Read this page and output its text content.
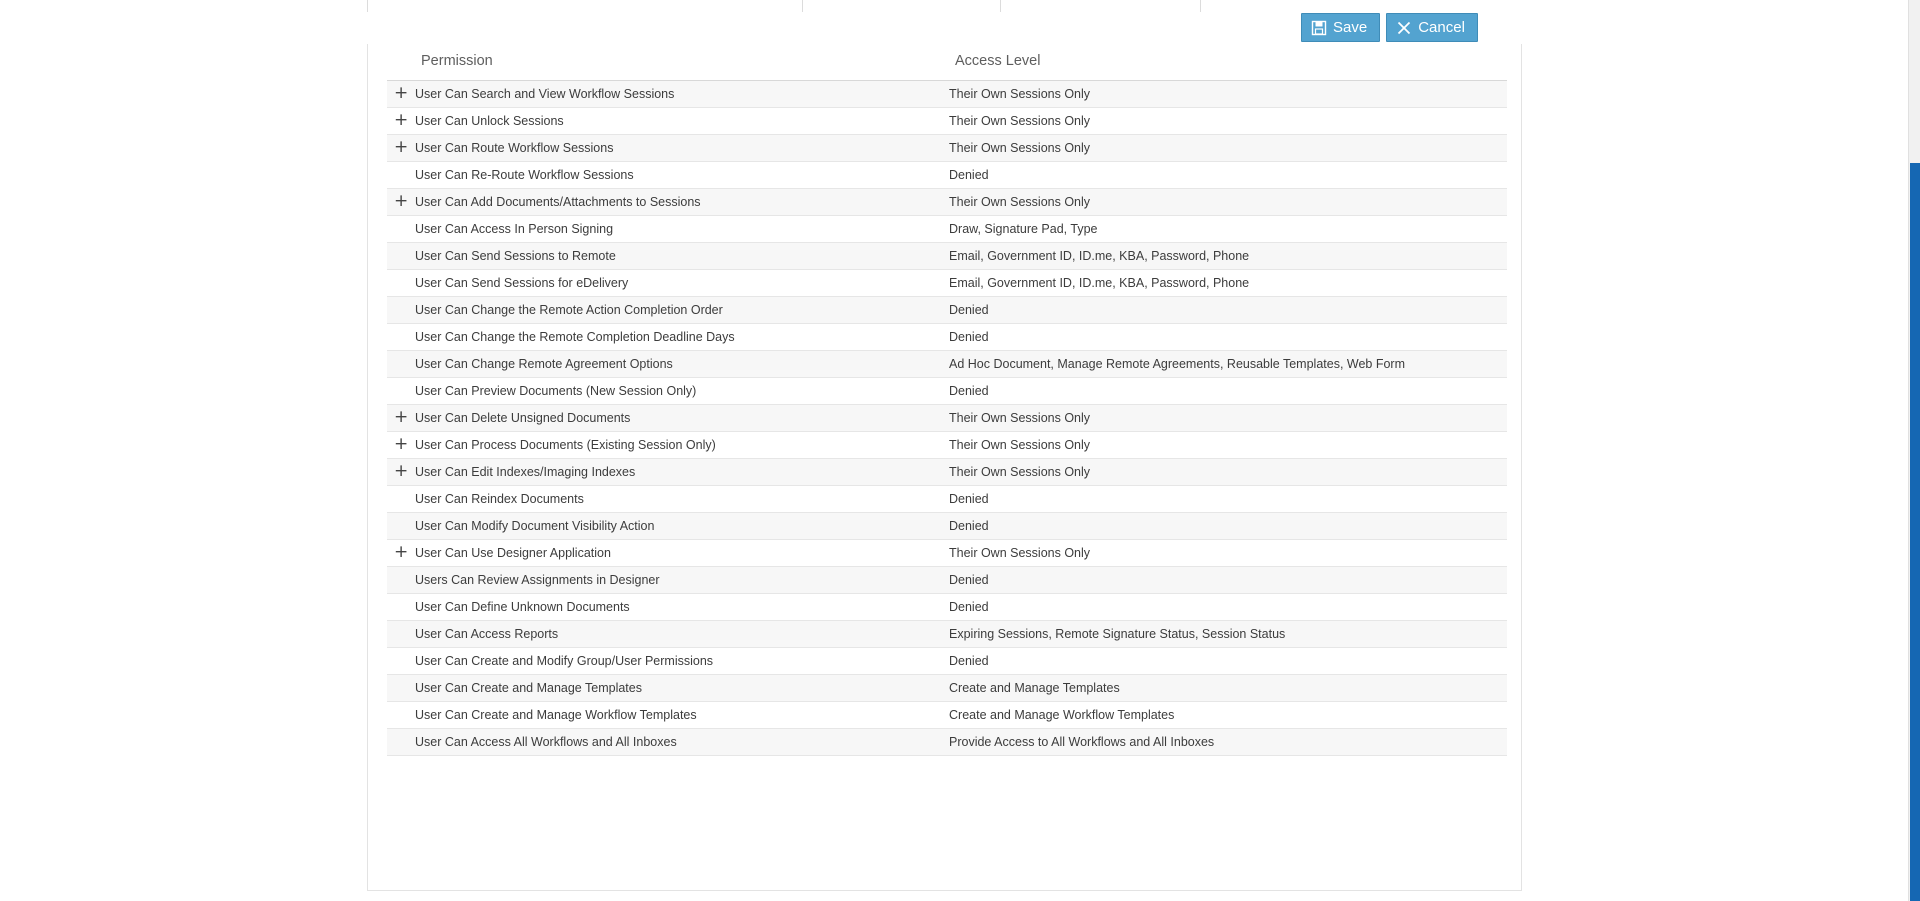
Save	Cancel
	Permission	Access Level
+	User Can Search and View Workflow Sessions	Their Own Sessions Only
+	User Can Unlock Sessions	Their Own Sessions Only
+	User Can Route Workflow Sessions	Their Own Sessions Only
	User Can Re-Route Workflow Sessions	Denied
+	User Can Add Documents/Attachments to Sessions	Their Own Sessions Only
	User Can Access In Person Signing	Draw, Signature Pad, Type
	User Can Send Sessions to Remote	Email, Government ID, ID.me, KBA, Password, Phone
	User Can Send Sessions for eDelivery	Email, Government ID, ID.me, KBA, Password, Phone
	User Can Change the Remote Action Completion Order	Denied
	User Can Change the Remote Completion Deadline Days	Denied
	User Can Change Remote Agreement Options	Ad Hoc Document, Manage Remote Agreements, Reusable Templates, Web Form
	User Can Preview Documents (New Session Only)	Denied
+	User Can Delete Unsigned Documents	Their Own Sessions Only
+	User Can Process Documents (Existing Session Only)	Their Own Sessions Only
+	User Can Edit Indexes/Imaging Indexes	Their Own Sessions Only
	User Can Reindex Documents	Denied
	User Can Modify Document Visibility Action	Denied
+	User Can Use Designer Application	Their Own Sessions Only
	Users Can Review Assignments in Designer	Denied
	User Can Define Unknown Documents	Denied
	User Can Access Reports	Expiring Sessions, Remote Signature Status, Session Status
	User Can Create and Modify Group/User Permissions	Denied
	User Can Create and Manage Templates	Create and Manage Templates
	User Can Create and Manage Workflow Templates	Create and Manage Workflow Templates
	User Can Access All Workflows and All Inboxes	Provide Access to All Workflows and All Inboxes
